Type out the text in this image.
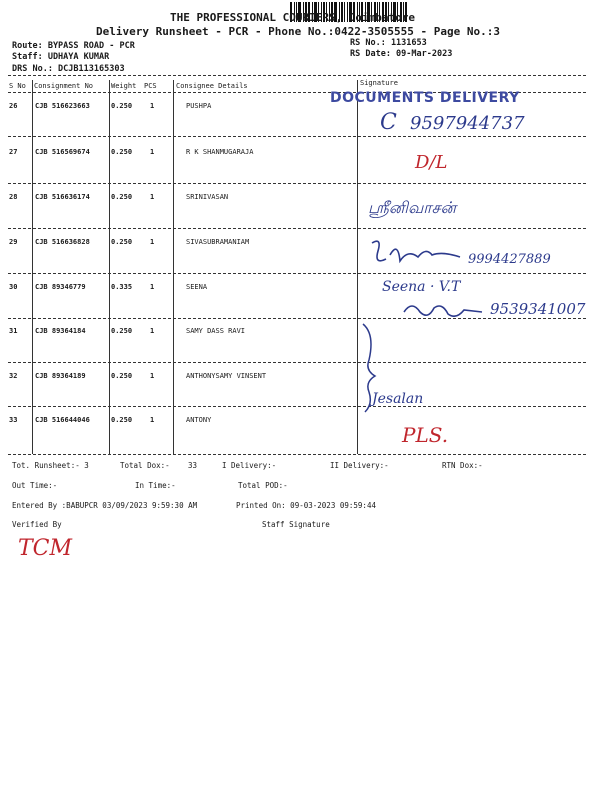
THE PROFESSIONAL COURIERS, Coimbatore
Delivery Runsheet - PCR - Phone No.:0422-3505555 - Page No.:3
Route: BYPASS ROAD - PCR
Staff: UDHAYA KUMAR
DRS No.: DCJB113165303
RS No.: 1131653
RS Date: 09-Mar-2023
S No Consignment No	Weight PCS	Consignee Details	Signature
26	CJB 516623663	0.250	1	PUSHPA
27	CJB 516569674	0.250	1	R K SHANMUGARAJA
28	CJB 516636174	0.250	1	SRINIVASAN
29	CJB 516636828	0.250	1	SIVASUBRAMANIAM
30	CJB 89346779	0.335	1	SEENA
31	CJB 89364184	0.250	1	SAMY DASS RAVI
32	CJB 89364189	0.250	1	ANTHONYSAMY VINSENT
33	CJB 516644046	0.250	1	ANTONY
DOCUMENTS DELIVERY
C 9597944737
D/L
ஸ்ரீனிவாசன்
9994427889
Seena · V.T
9539341007
Jesalan
PLS.
Tot. Runsheet:- 3	Total Dox:- 33	I Delivery:-	II Delivery:-	RTN Dox:-
Out Time:-	In Time:-	Total POD:-
Entered By :BABUPCR 03/09/2023 9:59:30 AM	Printed On: 09-03-2023 09:59:44
Verified By	Staff Signature
TCM
